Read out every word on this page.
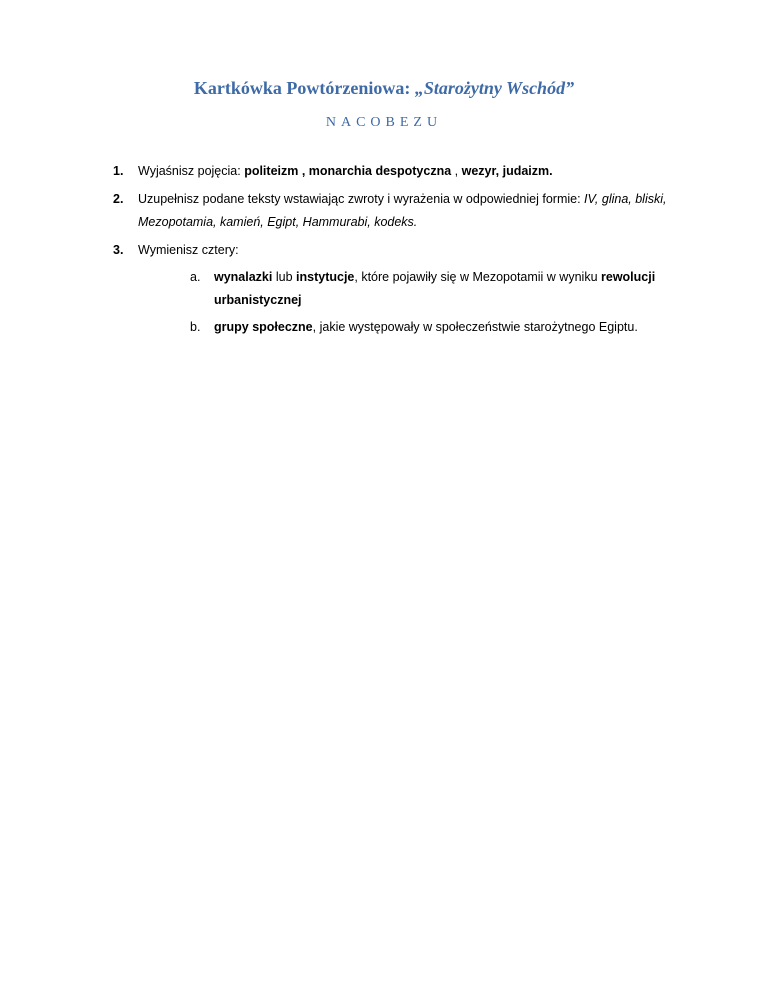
Kartkówka Powtórzeniowa: „Starożytny Wschód”
NACOBEZU
1. Wyjaśnisz pojęcia: politeizm , monarchia despotyczna , wezyr, judaizm.
2. Uzupełnisz podane teksty wstawiając zwroty i wyrażenia w odpowiedniej formie: IV, glina, bliski, Mezopotamia, kamień, Egipt, Hammurabi, kodeks.
3. Wymienisz cztery:
a. wynalazki lub instytucje, które pojawiły się w Mezopotamii w wyniku rewolucji urbanistycznej
b. grupy społeczne, jakie występowały w społeczeństwie starożytnego Egiptu.
